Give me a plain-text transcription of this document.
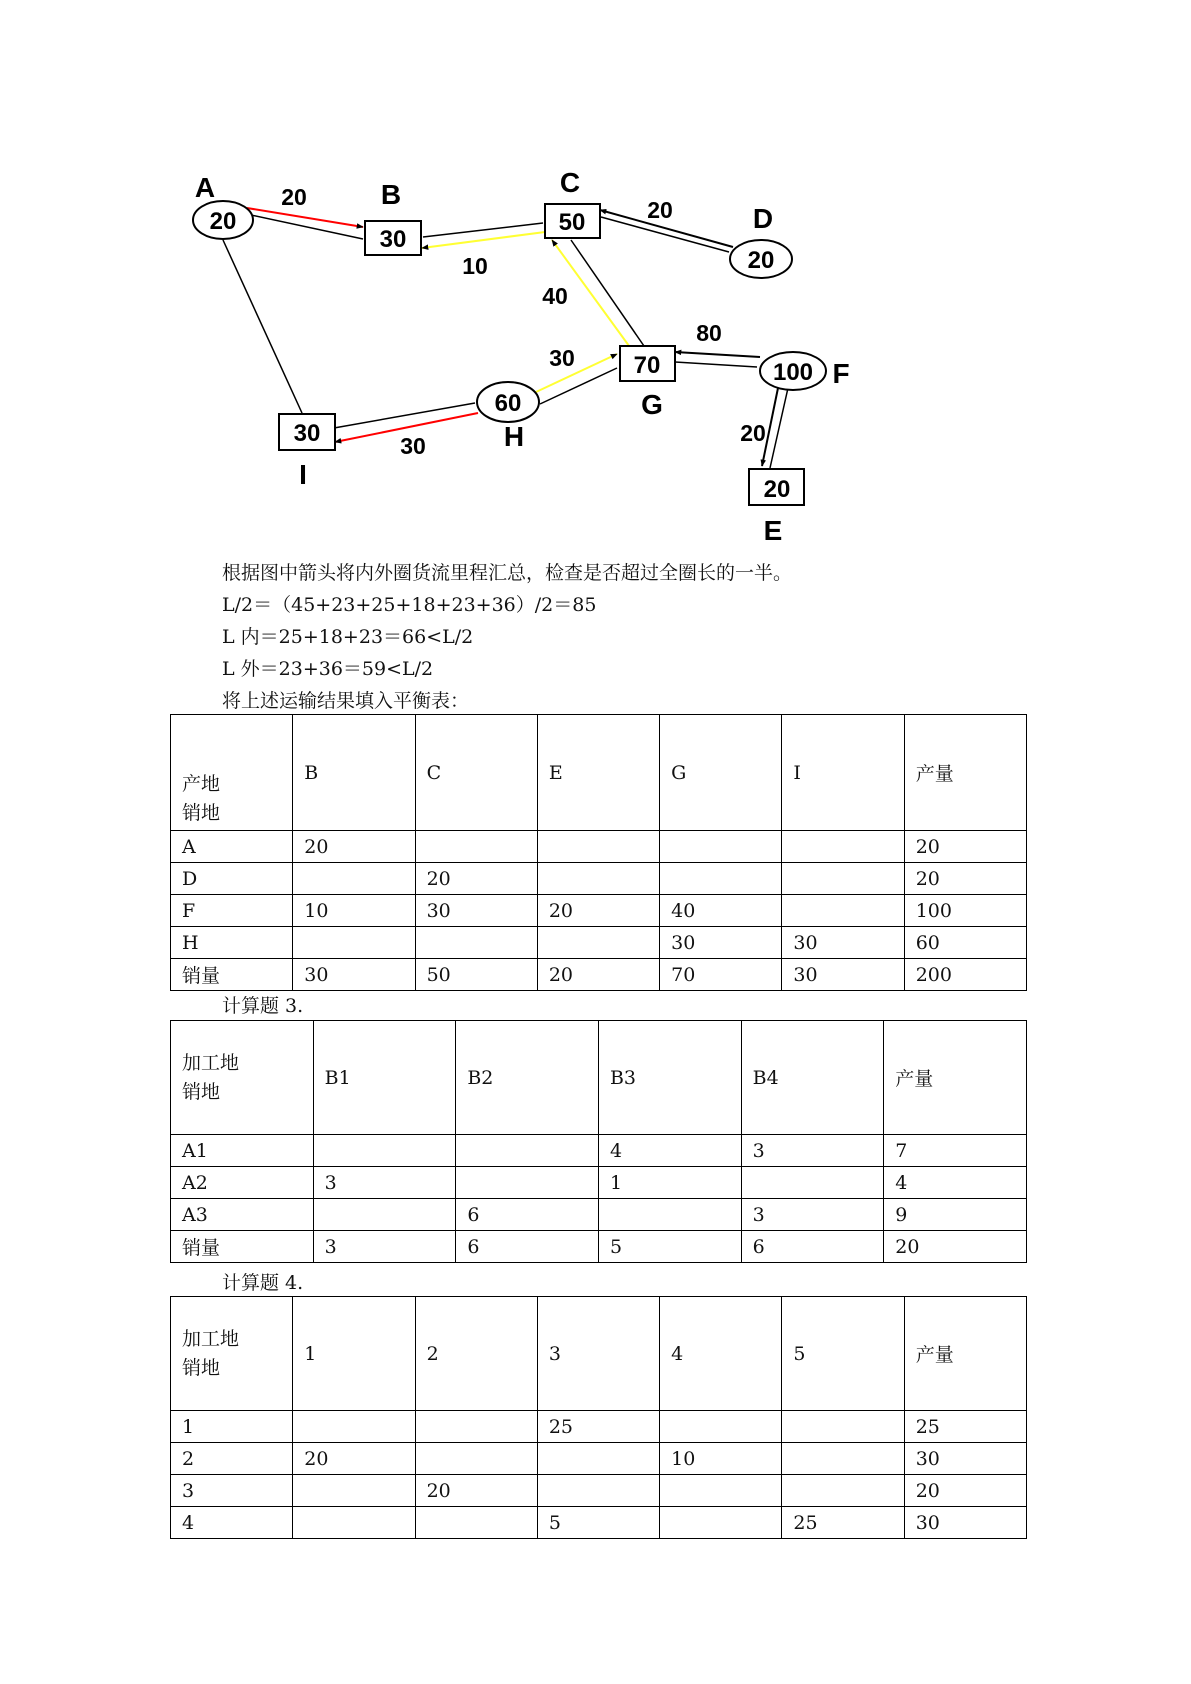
20
A
30
B
50
C
20
D
70
G
100 F
60
H
30
I	20
E
20
10
20
40
80
30
30	20
根据图中箭头将内外圈货流里程汇总，检查是否超过全圈长的一半。
L/2＝（45+23+25+18+23+36）/2＝85
L 内＝25+18+23＝66<L/2
L 外＝23+36＝59<L/2
将上述运输结果填入平衡表：
产地
销地	B	C	E	G	I	产量
A	20					20
D		20				20
F	10	30	20	40		100
H				30	30	60
销量	30	50	20	70	30	200
计算题 3.
加工地
销地	B1	B2	B3	B4	产量
A1			4	3	7
A2	3		1		4
A3		6		3	9
销量	3	6	5	6	20
计算题 4.
加工地
销地	1	2	3	4	5	产量
1			25			25
2	20			10		30
3		20				20
4			5		25	30
